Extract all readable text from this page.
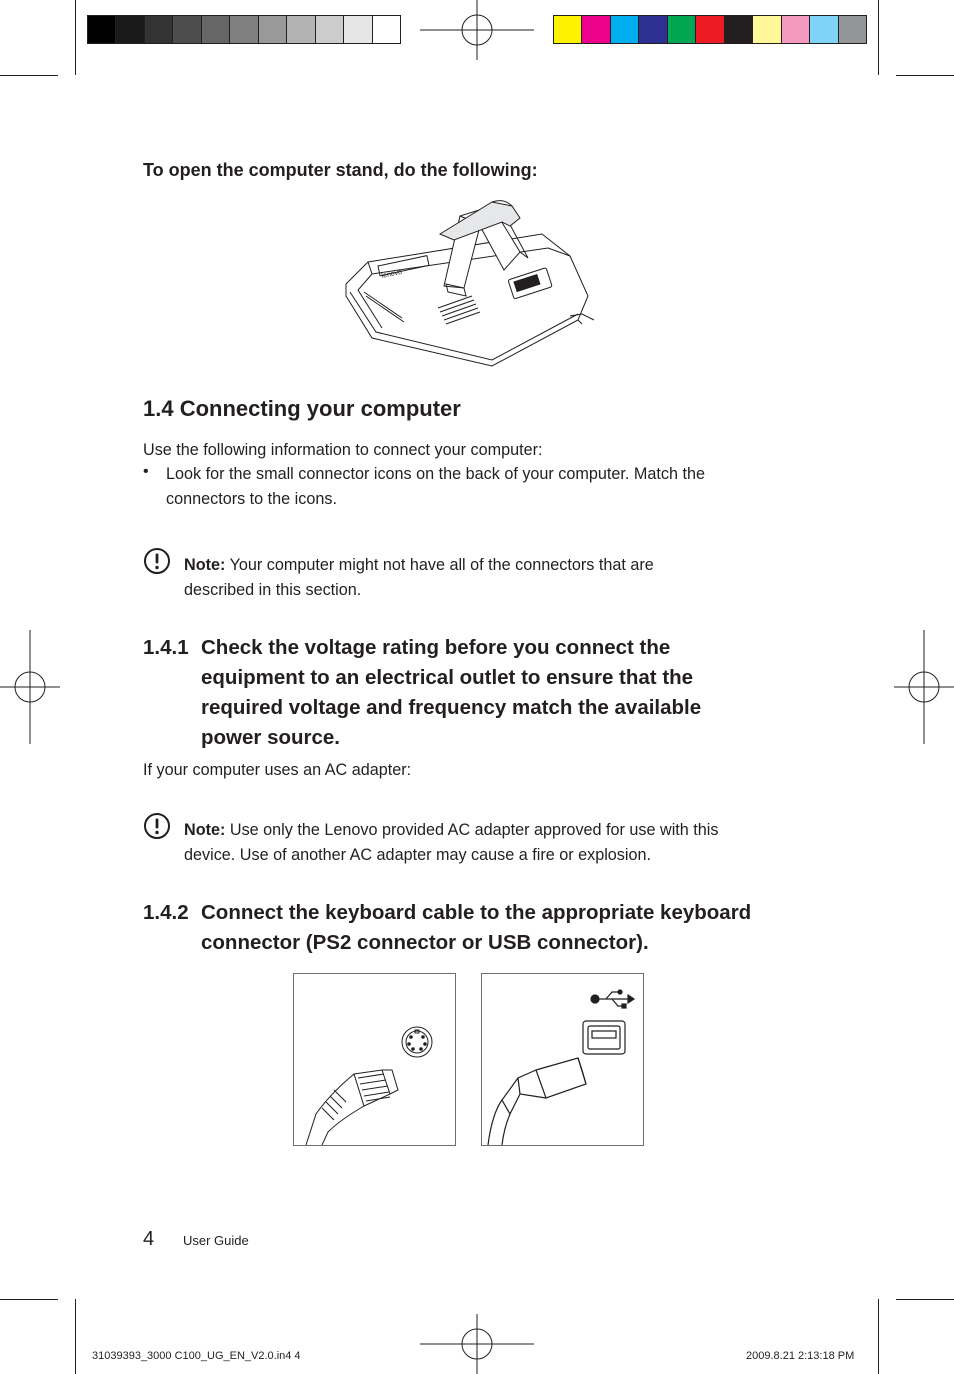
To open the computer stand, do the following:
lenovo
1.4 Connecting your computer
Use the following information to connect your computer:
• Look for the small connector icons on the back of your computer. Match the
connectors to the icons.
Note: Your computer might not have all of the connectors that are
described in this section.
1.4.1 Check the voltage rating before you connect the
equipment to an electrical outlet to ensure that the
required voltage and frequency match the available
power source.
If your computer uses an AC adapter:
Note: Use only the Lenovo provided AC adapter approved for use with this
device. Use of another AC adapter may cause a fire or explosion.
1.4.2 Connect the keyboard cable to the appropriate keyboard
connector (PS2 connector or USB connector).
4 User Guide
31039393_3000 C100_UG_EN_V2.0.in4 4	2009.8.21 2:13:18 PM
